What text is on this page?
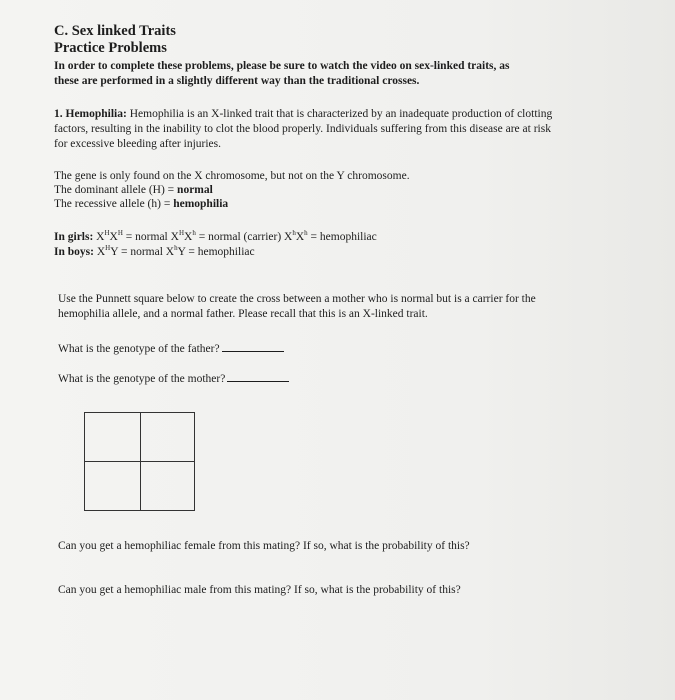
C. Sex linked Traits
Practice Problems
In order to complete these problems, please be sure to watch the video on sex-linked traits, as
these are performed in a slightly different way than the traditional crosses.
1. Hemophilia: Hemophilia is an X-linked trait that is characterized by an inadequate production of clotting
factors, resulting in the inability to clot the blood properly. Individuals suffering from this disease are at risk
for excessive bleeding after injuries.
The gene is only found on the X chromosome, but not on the Y chromosome.
The dominant allele (H) = normal
The recessive allele (h) = hemophilia
In girls: $X^HX^H$ = normal $X^HX^h$ = normal (carrier) $X^hX^h$ = hemophiliac
In boys: $X^HY$ = normal $X^hY$ = hemophiliac
Use the Punnett square below to create the cross between a mother who is normal but is a carrier for the
hemophilia allele, and a normal father. Please recall that this is an X-linked trait.
What is the genotype of the father?
What is the genotype of the mother?
Can you get a hemophiliac female from this mating? If so, what is the probability of this?
Can you get a hemophiliac male from this mating? If so, what is the probability of this?
